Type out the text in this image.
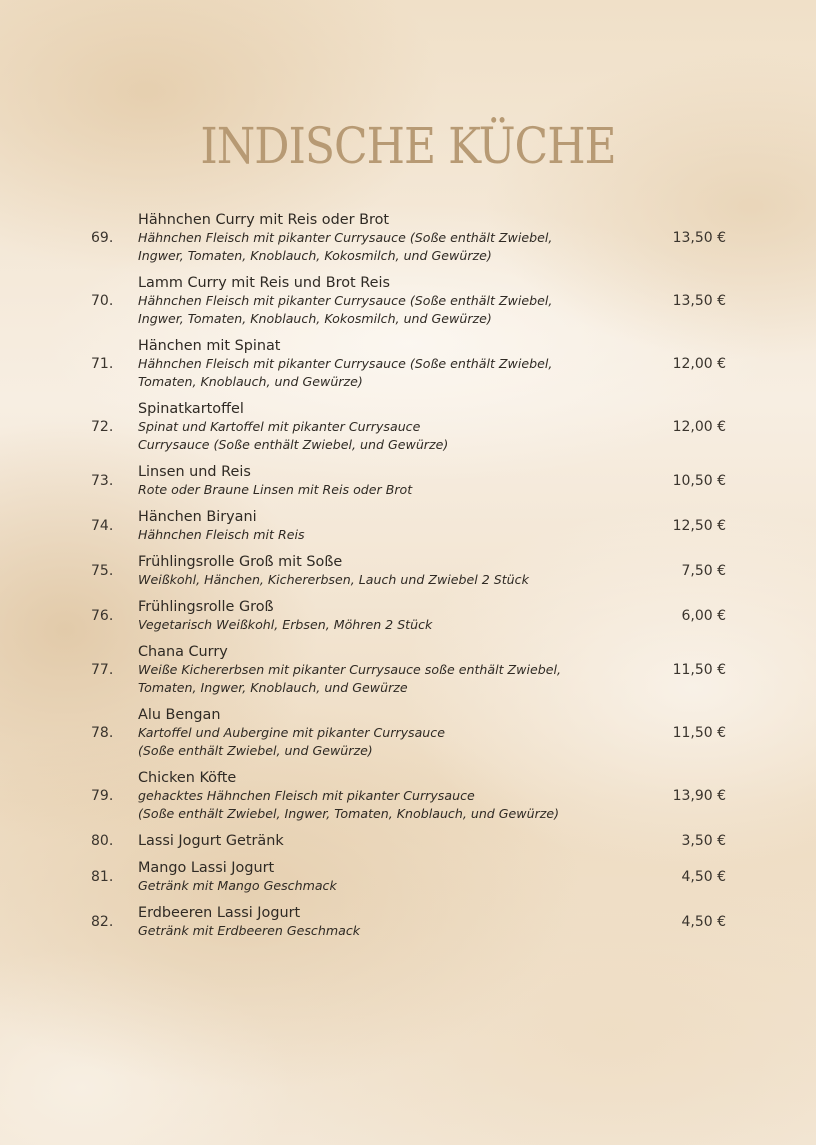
INDISCHE KÜCHE
69.
Hähnchen Curry mit Reis oder Brot
Hähnchen Fleisch mit pikanter Currysauce (Soße enthält Zwiebel,
Ingwer, Tomaten, Knoblauch, Kokosmilch, und Gewürze)
13,50 €
70.
Lamm Curry mit Reis und Brot Reis
Hähnchen Fleisch mit pikanter Currysauce (Soße enthält Zwiebel,
Ingwer, Tomaten, Knoblauch, Kokosmilch, und Gewürze)
13,50 €
71.
Hänchen mit Spinat
Hähnchen Fleisch mit pikanter Currysauce (Soße enthält Zwiebel,
Tomaten, Knoblauch, und Gewürze)
12,00 €
72.
Spinatkartoffel
Spinat und Kartoffel mit pikanter Currysauce
Currysauce (Soße enthält Zwiebel, und Gewürze)
12,00 €
73.
Linsen und Reis
Rote oder Braune Linsen mit Reis oder Brot
10,50 €
74.
Hänchen Biryani
Hähnchen Fleisch mit Reis
12,50 €
75.
Frühlingsrolle Groß mit Soße
Weißkohl, Hänchen, Kichererbsen, Lauch und Zwiebel 2 Stück
7,50 €
76.
Frühlingsrolle Groß
Vegetarisch Weißkohl, Erbsen, Möhren 2 Stück
6,00 €
77.
Chana Curry
Weiße Kichererbsen mit pikanter Currysauce soße enthält Zwiebel,
Tomaten, Ingwer, Knoblauch, und Gewürze
11,50 €
78.
Alu Bengan
Kartoffel und Aubergine mit pikanter Currysauce
(Soße enthält Zwiebel, und Gewürze)
11,50 €
79.
Chicken Köfte
gehacktes Hähnchen Fleisch mit pikanter Currysauce
(Soße enthält Zwiebel, Ingwer, Tomaten, Knoblauch, und Gewürze)
13,90 €
80.	Lassi Jogurt Getränk	3,50 €
81.
Mango Lassi Jogurt
Getränk mit Mango Geschmack
4,50 €
82.
Erdbeeren Lassi Jogurt
Getränk mit Erdbeeren Geschmack
4,50 €
